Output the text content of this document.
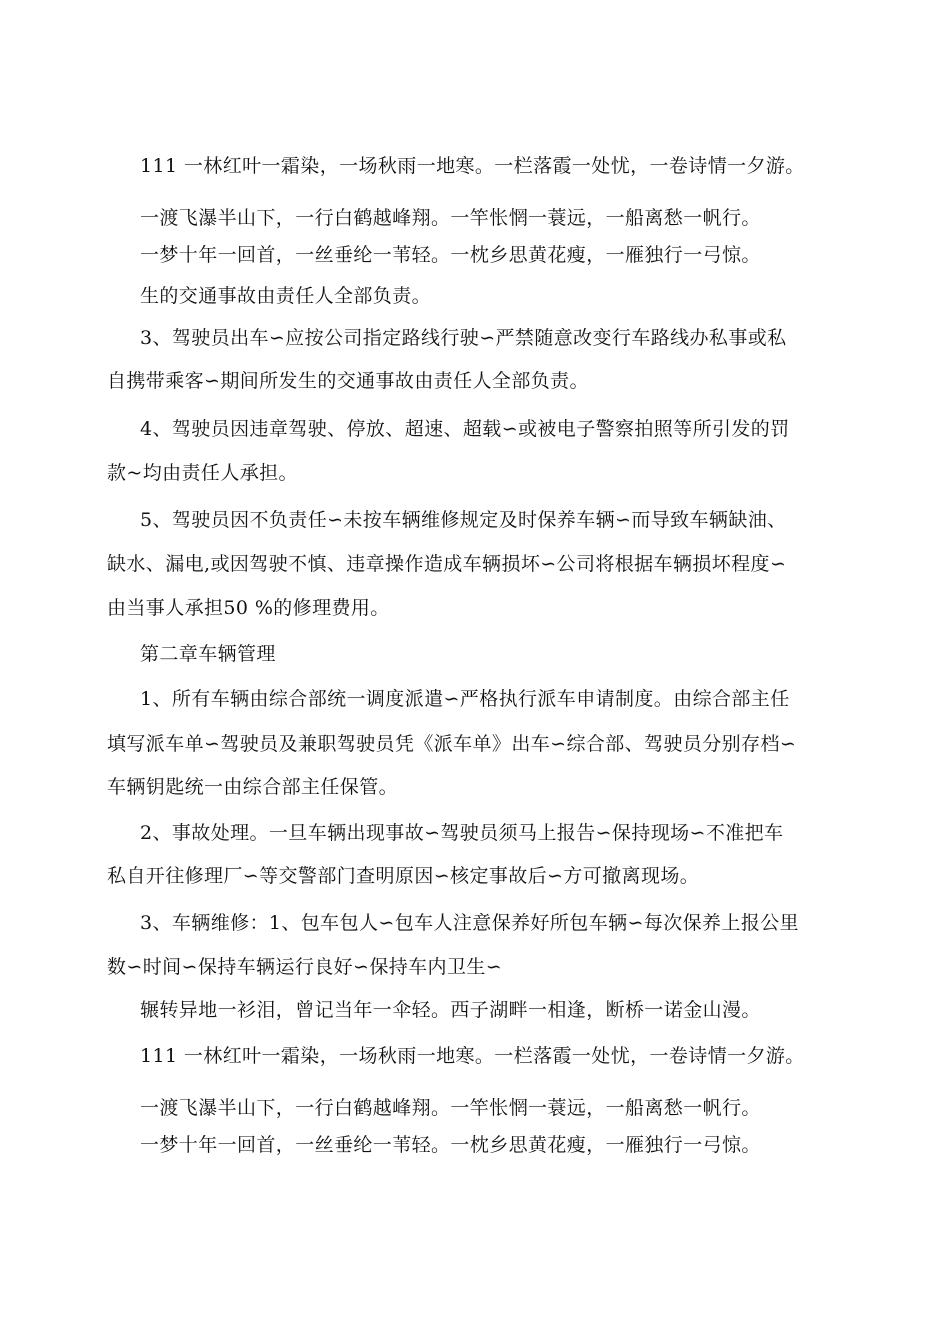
111 一林红叶一霜染，一场秋雨一地寒。一栏落霞一处忧，一卷诗情一夕游。
一渡飞瀑半山下，一行白鹤越峰翔。一竿怅惘一蓑远，一船离愁一帆行。
一梦十年一回首，一丝垂纶一苇轻。一枕乡思黄花瘦，一雁独行一弓惊。
生的交通事故由责任人全部负责。
3、驾驶员出车∽应按公司指定路线行驶∽严禁随意改变行车路线办私事或私
自携带乘客∽期间所发生的交通事故由责任人全部负责。
4、驾驶员因违章驾驶、停放、超速、超载∽或被电子警察拍照等所引发的罚
款~均由责任人承担。
5、驾驶员因不负责任∽未按车辆维修规定及时保养车辆∽而导致车辆缺油、
缺水、漏电,或因驾驶不慎、违章操作造成车辆损坏∽公司将根据车辆损坏程度∽
由当事人承担50 %的修理费用。
第二章车辆管理
1、所有车辆由综合部统一调度派遣∽严格执行派车申请制度。由综合部主任
填写派车单∽驾驶员及兼职驾驶员凭《派车单》出车∽综合部、驾驶员分别存档∽
车辆钥匙统一由综合部主任保管。
2、事故处理。一旦车辆出现事故∽驾驶员须马上报告∽保持现场∽不准把车
私自开往修理厂∽等交警部门查明原因∽核定事故后∽方可撤离现场。
3、车辆维修：1、包车包人∽包车人注意保养好所包车辆∽每次保养上报公里
数∽时间∽保持车辆运行良好∽保持车内卫生∽
辗转异地一衫泪，曾记当年一伞轻。西子湖畔一相逢，断桥一诺金山漫。
111 一林红叶一霜染，一场秋雨一地寒。一栏落霞一处忧，一卷诗情一夕游。
一渡飞瀑半山下，一行白鹤越峰翔。一竿怅惘一蓑远，一船离愁一帆行。
一梦十年一回首，一丝垂纶一苇轻。一枕乡思黄花瘦，一雁独行一弓惊。
